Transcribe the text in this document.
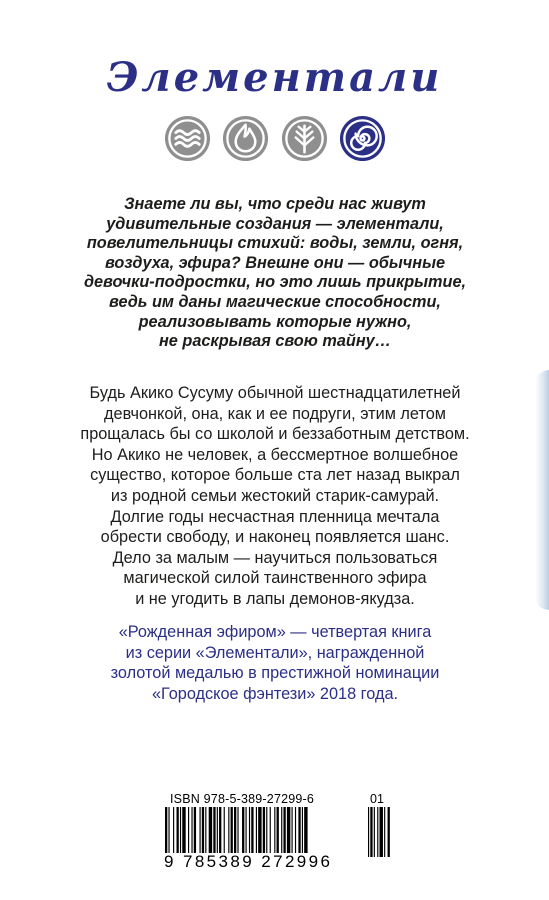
Элементали

Знаете ли вы, что среди нас живут
удивительные создания — элементали,
повелительницы стихий: воды, земли, огня,
воздуха, эфира? Внешне они — обычные
девочки-подростки, но это лишь прикрытие,
ведь им даны магические способности,
реализовывать которые нужно,
не раскрывая свою тайну…

Будь Акико Сусуму обычной шестнадцатилетней
девчонкой, она, как и ее подруги, этим летом
прощалась бы со школой и беззаботным детством.
Но Акико не человек, а бессмертное волшебное
существо, которое больше ста лет назад выкрал
из родной семьи жестокий старик-самурай.
Долгие годы несчастная пленница мечтала
обрести свободу, и наконец появляется шанс.
Дело за малым — научиться пользоваться
магической силой таинственного эфира
и не угодить в лапы демонов-якудза.

«Рожденная эфиром» — четвертая книга
из серии «Элементали», награжденной
золотой медалью в престижной номинации
«Городское фэнтези» 2018 года.

ISBN 978-5-389-27299-6	01
9 785389 272996
